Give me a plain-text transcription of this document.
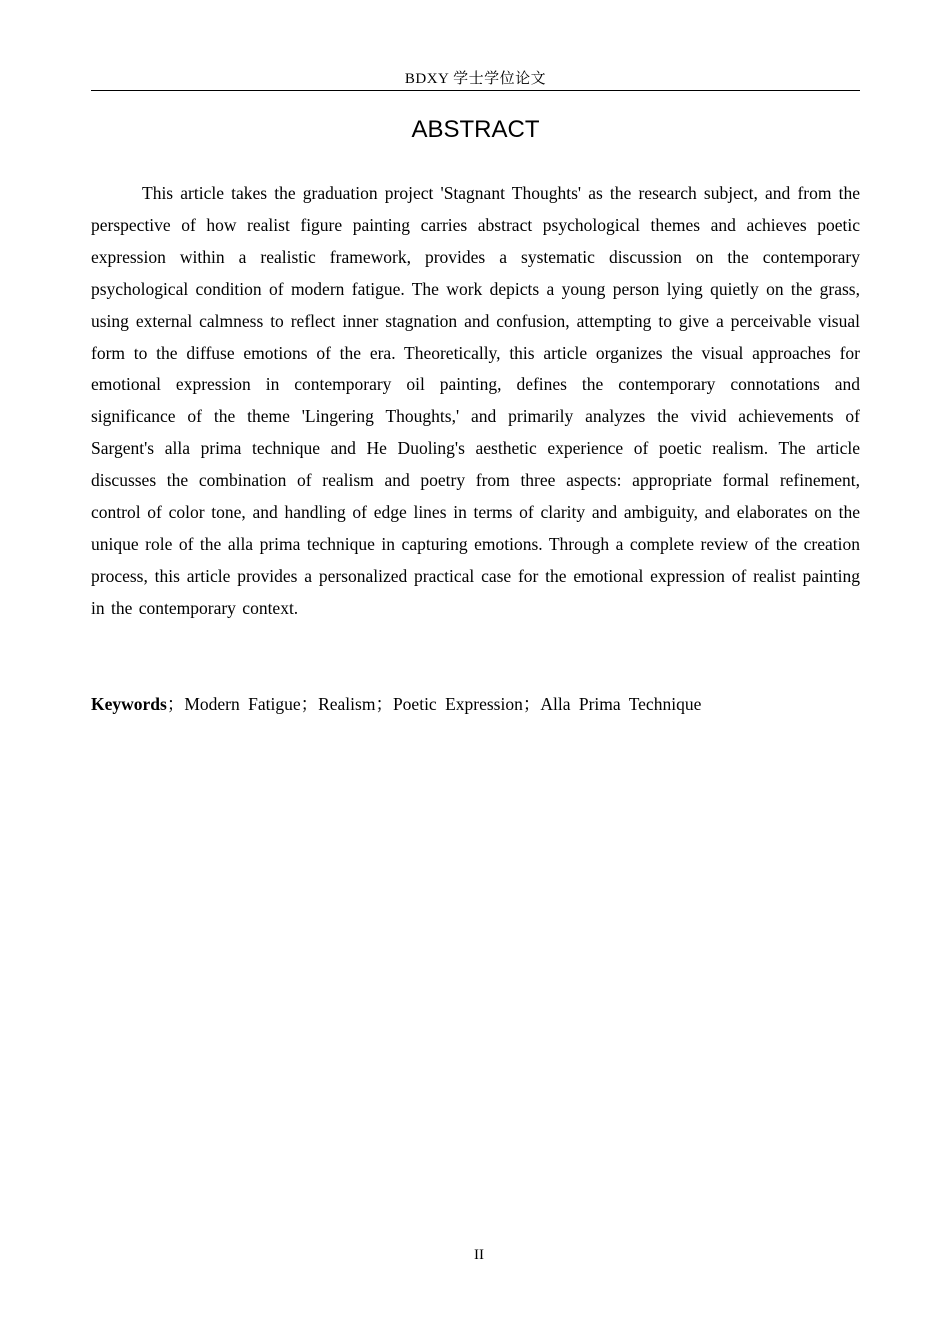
BDXY 学士学位论文
ABSTRACT

This article takes the graduation project 'Stagnant Thoughts' as the research subject, and from the perspective of how realist figure painting carries abstract psychological themes and achieves poetic expression within a realistic framework, provides a systematic discussion on the contemporary psychological condition of modern fatigue. The work depicts a young person lying quietly on the grass, using external calmness to reflect inner stagnation and confusion, attempting to give a perceivable visual form to the diffuse emotions of the era. Theoretically, this article organizes the visual approaches for emotional expression in contemporary oil painting, defines the contemporary connotations and significance of the theme 'Lingering Thoughts,' and primarily analyzes the vivid achievements of Sargent's alla prima technique and He Duoling's aesthetic experience of poetic realism. The article discusses the combination of realism and poetry from three aspects: appropriate formal refinement, control of color tone, and handling of edge lines in terms of clarity and ambiguity, and elaborates on the unique role of the alla prima technique in capturing emotions. Through a complete review of the creation process, this article provides a personalized practical case for the emotional expression of realist painting in the contemporary context.

Keywords；Modern Fatigue；Realism；Poetic Expression；Alla Prima Technique

II
